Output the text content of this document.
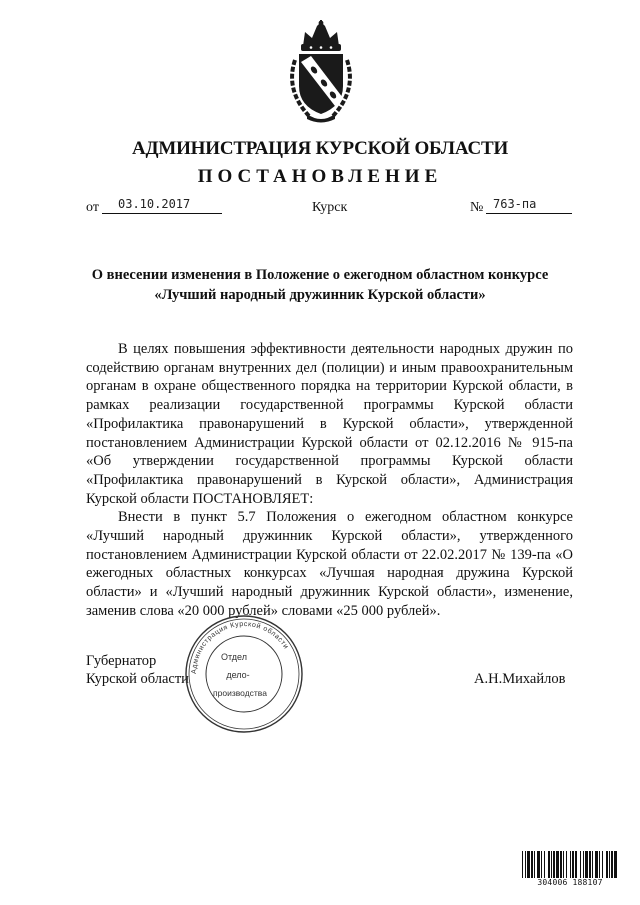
АДМИНИСТРАЦИЯ КУРСКОЙ ОБЛАСТИ
ПОСТАНОВЛЕНИЕ
от 03.10.2017	Курск	№ 763-па
О внесении изменения в Положение о ежегодном областном конкурсе
«Лучший народный дружинник Курской области»

В целях повышения эффективности деятельности народных дружин по содействию органам внутренних дел (полиции) и иным правоохранительным органам в охране общественного порядка на территории Курской области, в рамках реализации государственной программы Курской области «Профилактика правонарушений в Курской области», утвержденной постановлением Администрации Курской области от 02.12.2016 № 915-па «Об утверждении государственной программы Курской области «Профилактика правонарушений в Курской области», Администрация Курской области ПОСТАНОВЛЯЕТ:

Внести в пункт 5.7 Положения о ежегодном областном конкурсе «Лучший народный дружинник Курской области», утвержденного постановлением Администрации Курской области от 22.02.2017 № 139-па «О ежегодных областных конкурсах «Лучшая народная дружина Курской области» и «Лучший народный дружинник Курской области», изменение, заменив слова «20 000 рублей» словами «25 000 рублей».

Губернатор
Курской области	А.Н.Михайлов
Администрация Курской области
Отдел
дело-
производства
304006 188107
